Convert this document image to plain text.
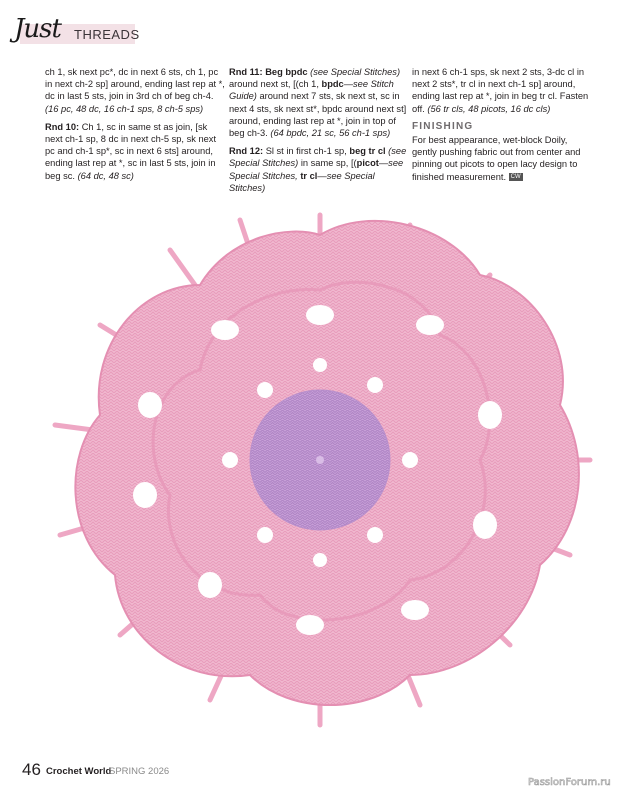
Just THREADS

ch 1, sk next pc*, dc in next 6 sts, ch 1, pc in next ch-2 sp] around, ending last rep at *, dc in last 5 sts, join in 3rd ch of beg ch-4. (16 pc, 48 dc, 16 ch-1 sps, 8 ch-5 sps)

Rnd 10: Ch 1, sc in same st as join, [sk next ch-1 sp, 8 dc in next ch-5 sp, sk next pc and ch-1 sp*, sc in next 6 sts] around, ending last rep at *, sc in last 5 sts, join in beg sc. (64 dc, 48 sc)

Rnd 11: Beg bpdc (see Special Stitches) around next st, [(ch 1, bpdc—see Stitch Guide) around next 7 sts, sk next st, sc in next 4 sts, sk next st*, bpdc around next st] around, ending last rep at *, join in top of beg ch-3. (64 bpdc, 21 sc, 56 ch-1 sps)

Rnd 12: Sl st in first ch-1 sp, beg tr cl (see Special Stitches) in same sp, [(picot—see Special Stitches, tr cl—see Special Stitches)

in next 6 ch-1 sps, sk next 2 sts, 3-dc cl in next 2 sts*, tr cl in next ch-1 sp] around, ending last rep at *, join in beg tr cl. Fasten off. (56 tr cls, 48 picots, 16 dc cls)

FINISHING

For best appearance, wet-block Doily, gently pushing fabric out from center and pinning out picots to open lacy design to finished measurement. CW

46 Crochet World
SPRING 2026
PassionForum.ru
